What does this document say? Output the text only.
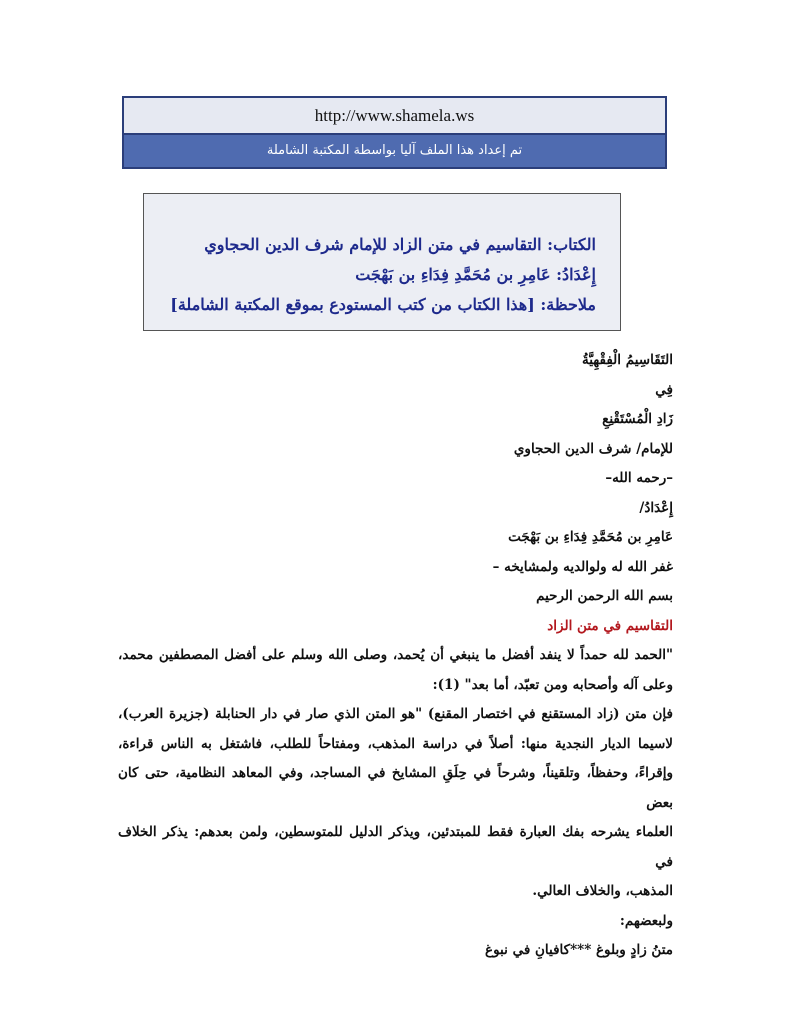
http://www.shamela.ws
تم إعداد هذا الملف آليا بواسطة المكتبة الشاملة
الكتاب: التقاسيم في متن الزاد للإمام شرف الدين الحجاوي
إِعْدَادُ: عَامِرِ بن مُحَمَّدِ فِدَاءِ بن بَهْجَت
ملاحظة: [هذا الكتاب من كتب المستودع بموقع المكتبة الشاملة]
التَقَاسِيمُ الْفِقْهِيَّةُ
فِي
زَادِ الْمُسْتَقْنِعِ
للإمام/ شرف الدين الحجاوي
–رحمه الله–
إِعْدَادُ/
عَامِرِ بن مُحَمَّدِ فِدَاءِ بن بَهْجَت
غفر الله له ولوالديه ولمشايخه –
بسم الله الرحمن الرحيم
التقاسيم في متن الزاد
"الحمد لله حمداً لا ينفد أفضل ما ينبغي أن يُحمد، وصلى الله وسلم على أفضل المصطفين محمد،
وعلى آله وأصحابه ومن تعبّد، أما بعد" (1):
فإن متن (زاد المستقنع في اختصار المقنع) "هو المتن الذي صار في دار الحنابلة (جزيرة العرب)،
لاسيما الديار النجدية منها: أصلاً في دراسة المذهب، ومفتاحاً للطلب، فاشتغل به الناس قراءة،
وإقراءً، وحفظاً، وتلقيناً، وشرحاً في حِلَقِ المشايخ في المساجد، وفي المعاهد النظامية، حتى كان بعض
العلماء يشرحه بفك العبارة فقط للمبتدئين، ويذكر الدليل للمتوسطين، ولمن بعدهم: يذكر الخلاف في
المذهب، والخلاف العالي.
ولبعضهم:
متنُ زادٍ وبلوغ ***كافيانِ في نبوغ
